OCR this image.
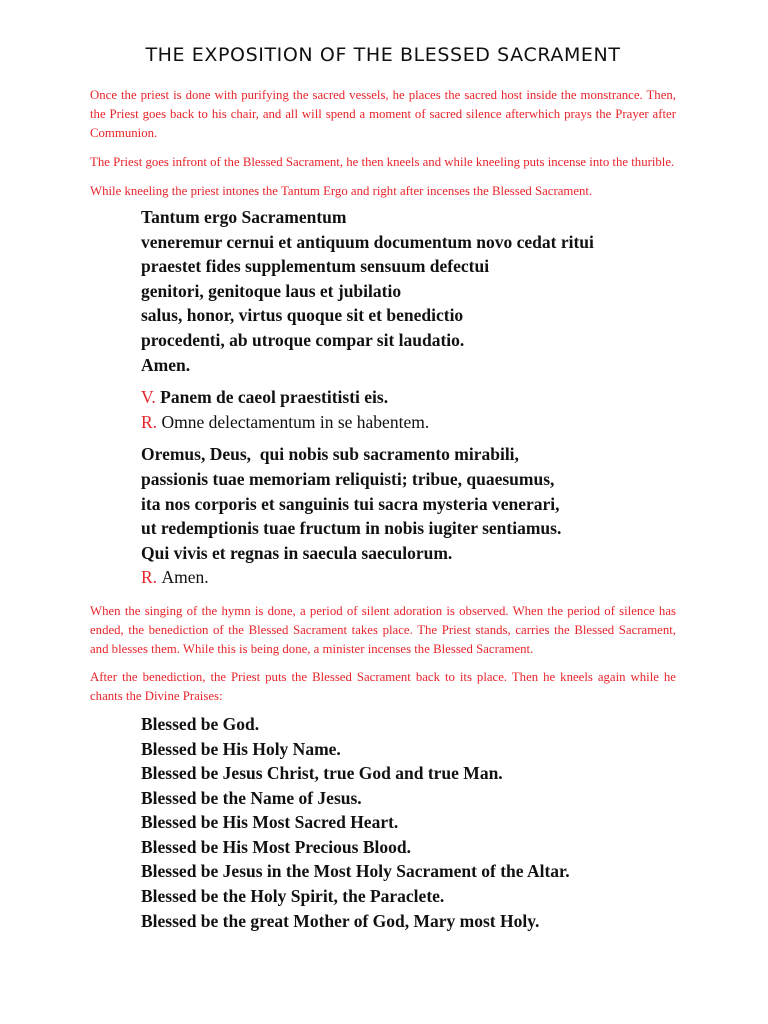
THE EXPOSITION OF THE BLESSED SACRAMENT

Once the priest is done with purifying the sacred vessels, he places the sacred host inside the monstrance. Then, the Priest goes back to his chair, and all will spend a moment of sacred silence afterwhich prays the Prayer after Communion.

The Priest goes infront of the Blessed Sacrament, he then kneels and while kneeling puts incense into the thurible.

While kneeling the priest intones the Tantum Ergo and right after incenses the Blessed Sacrament.

Tantum ergo Sacramentum
veneremur cernui et antiquum documentum novo cedat ritui
praestet fides supplementum sensuum defectui
genitori, genitoque laus et jubilatio
salus, honor, virtus quoque sit et benedictio
procedenti, ab utroque compar sit laudatio.
Amen.
V. Panem de caeol praestitisti eis.
R. Omne delectamentum in se habentem.
Oremus, Deus,  qui nobis sub sacramento mirabili,
passionis tuae memoriam reliquisti; tribue, quaesumus,
ita nos corporis et sanguinis tui sacra mysteria venerari,
ut redemptionis tuae fructum in nobis iugiter sentiamus.
Qui vivis et regnas in saecula saeculorum.
R. Amen.

When the singing of the hymn is done, a period of silent adoration is observed. When the period of silence has ended, the benediction of the Blessed Sacrament takes place. The Priest stands, carries the Blessed Sacrament, and blesses them. While this is being done, a minister incenses the Blessed Sacrament.

After the benediction, the Priest puts the Blessed Sacrament back to its place. Then he kneels again while he chants the Divine Praises:

Blessed be God.
Blessed be His Holy Name.
Blessed be Jesus Christ, true God and true Man.
Blessed be the Name of Jesus.
Blessed be His Most Sacred Heart.
Blessed be His Most Precious Blood.
Blessed be Jesus in the Most Holy Sacrament of the Altar.
Blessed be the Holy Spirit, the Paraclete.
Blessed be the great Mother of God, Mary most Holy.
